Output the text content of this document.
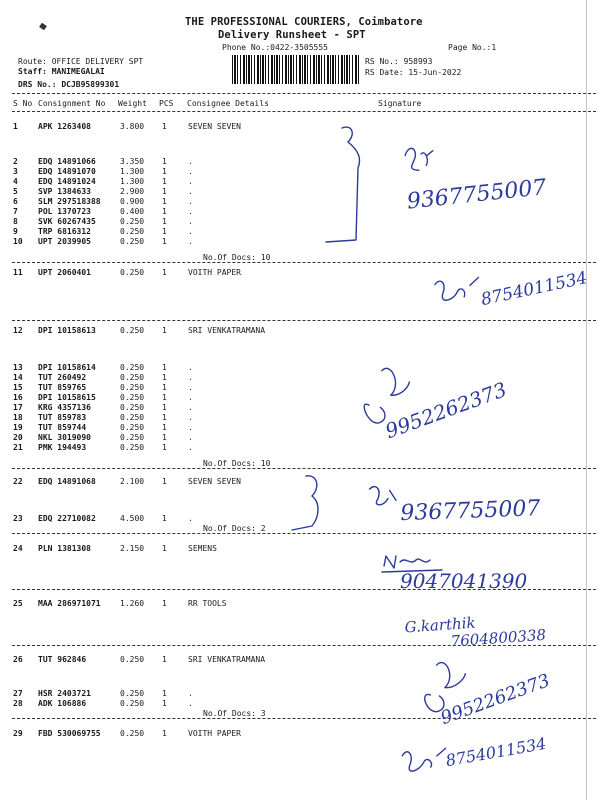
THE PROFESSIONAL COURIERS, Coimbatore
Delivery Runsheet - SPT
Phone No.:0422-3505555	Page No.:1
Route: OFFICE DELIVERY SPT
Staff: MANIMEGALAI
DRS No.: DCJB95899301
RS No.: 958993
RS Date: 15-Jun-2022
S No Consignment No Weight PCS Consignee Details	Signature
1	APK 1263408	3.800 1	SEVEN SEVEN
2	EDQ 14891066	3.350 1	.
3	EDQ 14891070	1.300 1	.
4	EDQ 14891024	1.300 1	.
5	SVP 1384633	2.900 1	.
6	SLM 297518388 0.900 1	.
7	POL 1370723	0.400 1	.
8	SVK 60267435	0.250 1	.
9	TRP 6816312	0.250 1	.
10 UPT 2039905	0.250 1	.
11 UPT 2060401	0.250 1	VOITH PAPER
12 DPI 10158613	0.250 1	SRI VENKATRAMANA
13 DPI 10158614	0.250 1	.
14 TUT 260492	0.250 1	.
15 TUT 859765	0.250 1	.
16 DPI 10158615	0.250 1	.
17 KRG 4357136	0.250 1	.
18 TUT 859783	0.250 1	.
19 TUT 859744	0.250 1	.
20 NKL 3019090	0.250 1	.
21 PMK 194493	0.250 1	.
22 EDQ 14891068	2.100 1	SEVEN SEVEN
23 EDQ 22710082	4.500 1	.
24 PLN 1381308	2.150 1	SEMENS
25 MAA 286971071 1.260 1	RR TOOLS
26 TUT 962846	0.250 1	SRI VENKATRAMANA
27 HSR 2403721	0.250 1	.
28 ADK 106886	0.250 1	.
29 FBD 530069755 0.250 1	VOITH PAPER
No.Of Docs: 10
No.Of Docs: 10
No.Of Docs: 2
No.Of Docs: 3
9367755007
8754011534
9952262373
9367755007
9047041390
G.karthik
7604800338
9952262373
8754011534
